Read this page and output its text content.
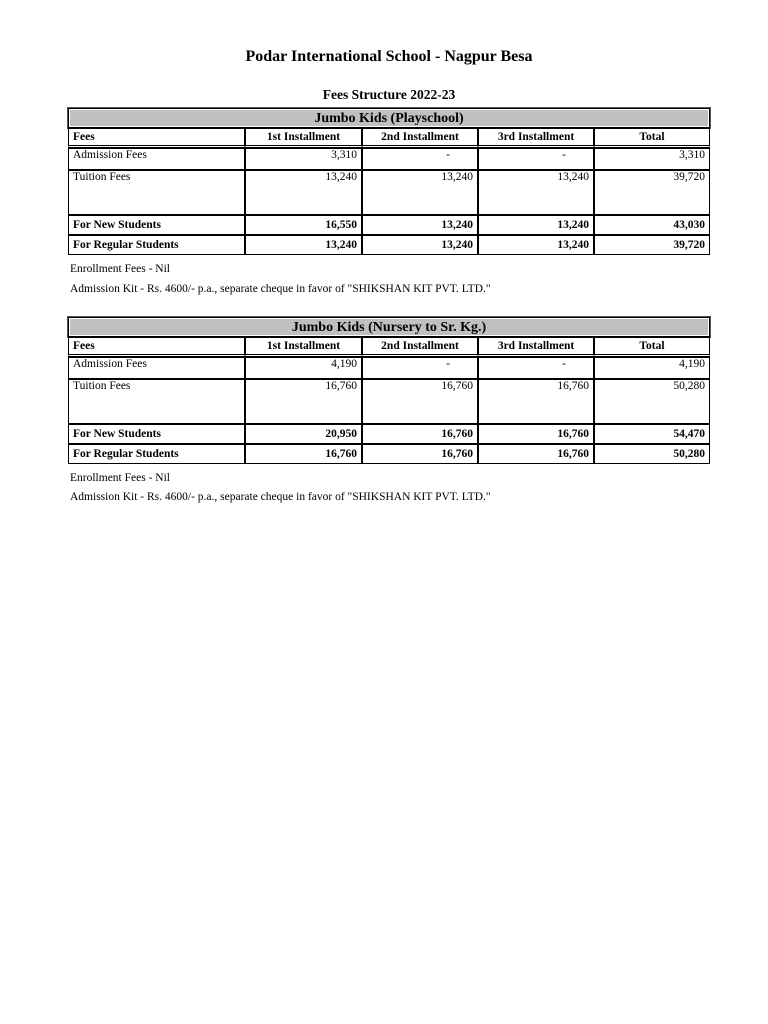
Podar International School - Nagpur Besa
Fees Structure 2022-23
Jumbo Kids (Playschool)
Fees	1st Installment	2nd Installment	3rd Installment	Total
Admission Fees	3,310	-	-	3,310
Tuition Fees	13,240	13,240	13,240	39,720
For New Students	16,550	13,240	13,240	43,030
For Regular Students	13,240	13,240	13,240	39,720
Enrollment Fees - Nil
Admission Kit - Rs. 4600/- p.a., separate cheque in favor of "SHIKSHAN KIT PVT. LTD."
Jumbo Kids (Nursery to Sr. Kg.)
Fees	1st Installment	2nd Installment	3rd Installment	Total
Admission Fees	4,190	-	-	4,190
Tuition Fees	16,760	16,760	16,760	50,280
For New Students	20,950	16,760	16,760	54,470
For Regular Students	16,760	16,760	16,760	50,280
Enrollment Fees - Nil
Admission Kit - Rs. 4600/- p.a., separate cheque in favor of "SHIKSHAN KIT PVT. LTD."
